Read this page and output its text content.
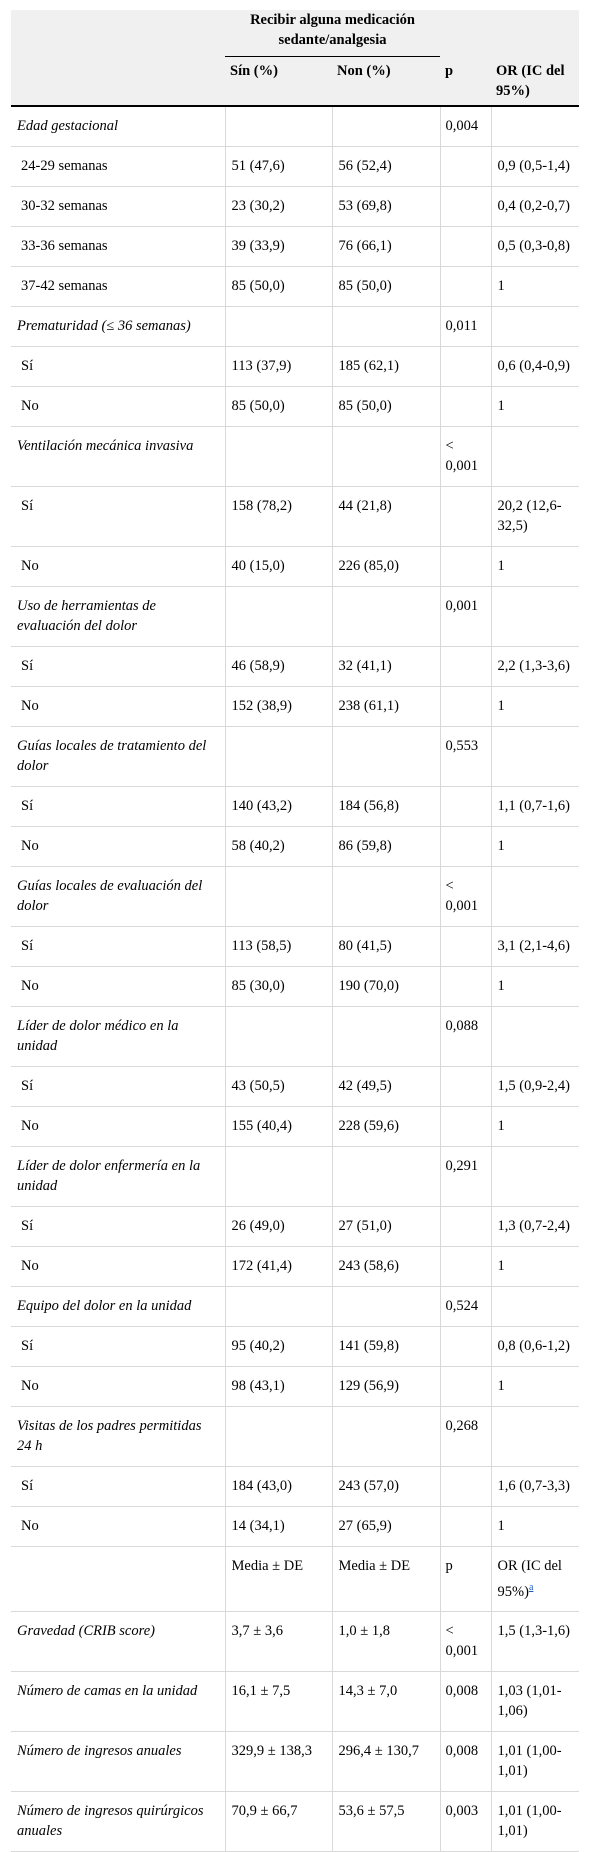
	Recibir alguna medicación sedante/analgesia			
	Sín (%)	Non (%)	p	OR (IC del 95%)
Edad gestacional			0,004	
24-29 semanas	51 (47,6)	56 (52,4)		0,9 (0,5-1,4)
30-32 semanas	23 (30,2)	53 (69,8)		0,4 (0,2-0,7)
33-36 semanas	39 (33,9)	76 (66,1)		0,5 (0,3-0,8)
37-42 semanas	85 (50,0)	85 (50,0)		1
Prematuridad (≤ 36 semanas)			0,011	
Sí	113 (37,9)	185 (62,1)		0,6 (0,4-0,9)
No	85 (50,0)	85 (50,0)		1
Ventilación mecánica invasiva			< 0,001	
Sí	158 (78,2)	44 (21,8)		20,2 (12,6-32,5)
No	40 (15,0)	226 (85,0)		1
Uso de herramientas de evaluación del dolor			0,001	
Sí	46 (58,9)	32 (41,1)		2,2 (1,3-3,6)
No	152 (38,9)	238 (61,1)		1
Guías locales de tratamiento del dolor			0,553	
Sí	140 (43,2)	184 (56,8)		1,1 (0,7-1,6)
No	58 (40,2)	86 (59,8)		1
Guías locales de evaluación del dolor			< 0,001	
Sí	113 (58,5)	80 (41,5)		3,1 (2,1-4,6)
No	85 (30,0)	190 (70,0)		1
Líder de dolor médico en la unidad			0,088	
Sí	43 (50,5)	42 (49,5)		1,5 (0,9-2,4)
No	155 (40,4)	228 (59,6)		1
Líder de dolor enfermería en la unidad			0,291	
Sí	26 (49,0)	27 (51,0)		1,3 (0,7-2,4)
No	172 (41,4)	243 (58,6)		1
Equipo del dolor en la unidad			0,524	
Sí	95 (40,2)	141 (59,8)		0,8 (0,6-1,2)
No	98 (43,1)	129 (56,9)		1
Visitas de los padres permitidas 24 h			0,268	
Sí	184 (43,0)	243 (57,0)		1,6 (0,7-3,3)
No	14 (34,1)	27 (65,9)		1
	Media ± DE	Media ± DE	p	OR (IC del 95%)$^a$
Gravedad (CRIB score)	3,7 ± 3,6	1,0 ± 1,8	< 0,001	1,5 (1,3-1,6)
Número de camas en la unidad	16,1 ± 7,5	14,3 ± 7,0	0,008	1,03 (1,01-1,06)
Número de ingresos anuales	329,9 ± 138,3	296,4 ± 130,7	0,008	1,01 (1,00-1,01)
Número de ingresos quirúrgicos anuales	70,9 ± 66,7	53,6 ± 57,5	0,003	1,01 (1,00-1,01)
